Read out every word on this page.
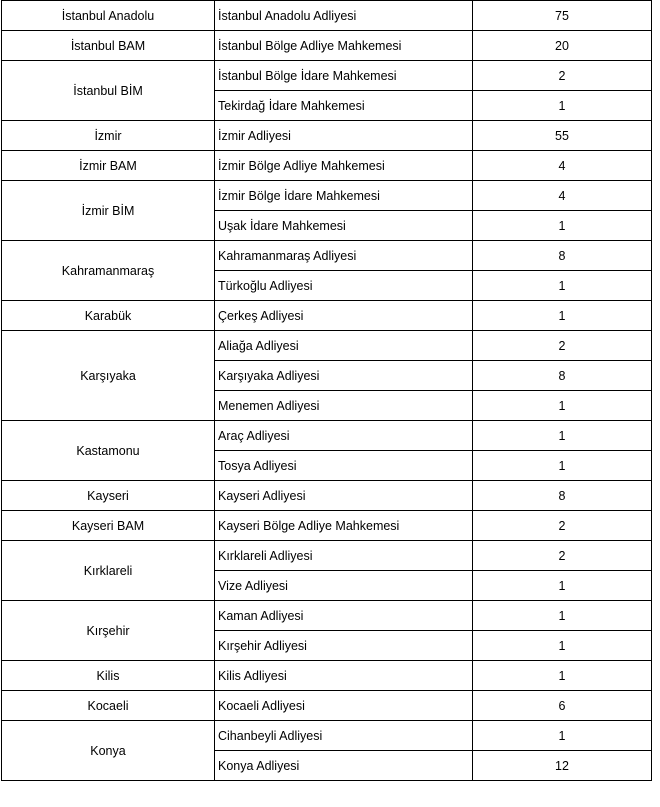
İstanbul Anadolu	İstanbul Anadolu Adliyesi	75
İstanbul BAM	İstanbul Bölge Adliye Mahkemesi	20
İstanbul BİM	İstanbul Bölge İdare Mahkemesi	2
	Tekirdağ İdare Mahkemesi	1
İzmir	İzmir Adliyesi	55
İzmir BAM	İzmir Bölge Adliye Mahkemesi	4
İzmir BİM	İzmir Bölge İdare Mahkemesi	4
	Uşak İdare Mahkemesi	1
Kahramanmaraş	Kahramanmaraş Adliyesi	8
	Türkoğlu Adliyesi	1
Karabük	Çerkeş Adliyesi	1
Karşıyaka	Aliağa Adliyesi	2
	Karşıyaka Adliyesi	8
	Menemen Adliyesi	1
Kastamonu	Araç Adliyesi	1
	Tosya Adliyesi	1
Kayseri	Kayseri Adliyesi	8
Kayseri BAM	Kayseri Bölge Adliye Mahkemesi	2
Kırklareli	Kırklareli Adliyesi	2
	Vize Adliyesi	1
Kırşehir	Kaman Adliyesi	1
	Kırşehir Adliyesi	1
Kilis	Kilis Adliyesi	1
Kocaeli	Kocaeli Adliyesi	6
Konya	Cihanbeyli Adliyesi	1
	Konya Adliyesi	12
